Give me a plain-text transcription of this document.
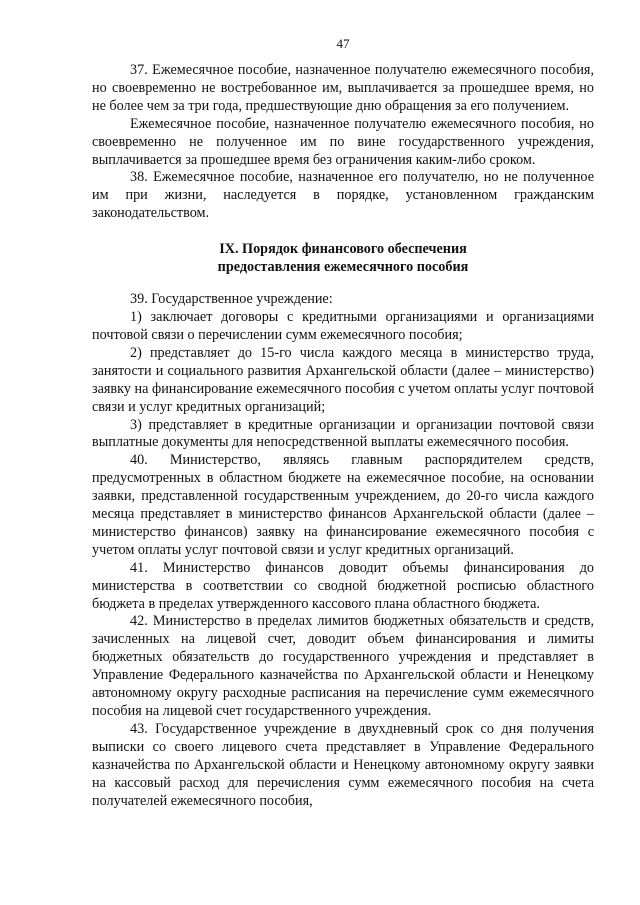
47

37. Ежемесячное пособие, назначенное получателю ежемесячного пособия, но своевременно не востребованное им, выплачивается за прошедшее время, но не более чем за три года, предшествующие дню обращения за его получением.

Ежемесячное пособие, назначенное получателю ежемесячного пособия, но своевременно не полученное им по вине государственного учреждения, выплачивается за прошедшее время без ограничения каким-либо сроком.

38. Ежемесячное пособие, назначенное его получателю, но не полученное им при жизни, наследуется в порядке, установленном гражданским законодательством.

IX. Порядок финансового обеспечения
предоставления ежемесячного пособия

39. Государственное учреждение:

1) заключает договоры с кредитными организациями и организациями почтовой связи о перечислении сумм ежемесячного пособия;

2) представляет до 15-го числа каждого месяца в министерство труда, занятости и социального развития Архангельской области (далее – министерство) заявку на финансирование ежемесячного пособия с учетом оплаты услуг почтовой связи и услуг кредитных организаций;

3) представляет в кредитные организации и организации почтовой связи выплатные документы для непосредственной выплаты ежемесячного пособия.

40. Министерство, являясь главным распорядителем средств, предусмотренных в областном бюджете на ежемесячное пособие, на основании заявки, представленной государственным учреждением, до 20-го числа каждого месяца представляет в министерство финансов Архангельской области (далее – министерство финансов) заявку на финансирование ежемесячного пособия с учетом оплаты услуг почтовой связи и услуг кредитных организаций.

41. Министерство финансов доводит объемы финансирования до министерства в соответствии со сводной бюджетной росписью областного бюджета в пределах утвержденного кассового плана областного бюджета.

42. Министерство в пределах лимитов бюджетных обязательств и средств, зачисленных на лицевой счет, доводит объем финансирования и лимиты бюджетных обязательств до государственного учреждения и представляет в Управление Федерального казначейства по Архангельской области и Ненецкому автономному округу расходные расписания на перечисление сумм ежемесячного пособия на лицевой счет государственного учреждения.

43. Государственное учреждение в двухдневный срок со дня получения выписки со своего лицевого счета представляет в Управление Федерального казначейства по Архангельской области и Ненецкому автономному округу заявки на кассовый расход для перечисления сумм ежемесячного пособия на счета получателей ежемесячного пособия,
